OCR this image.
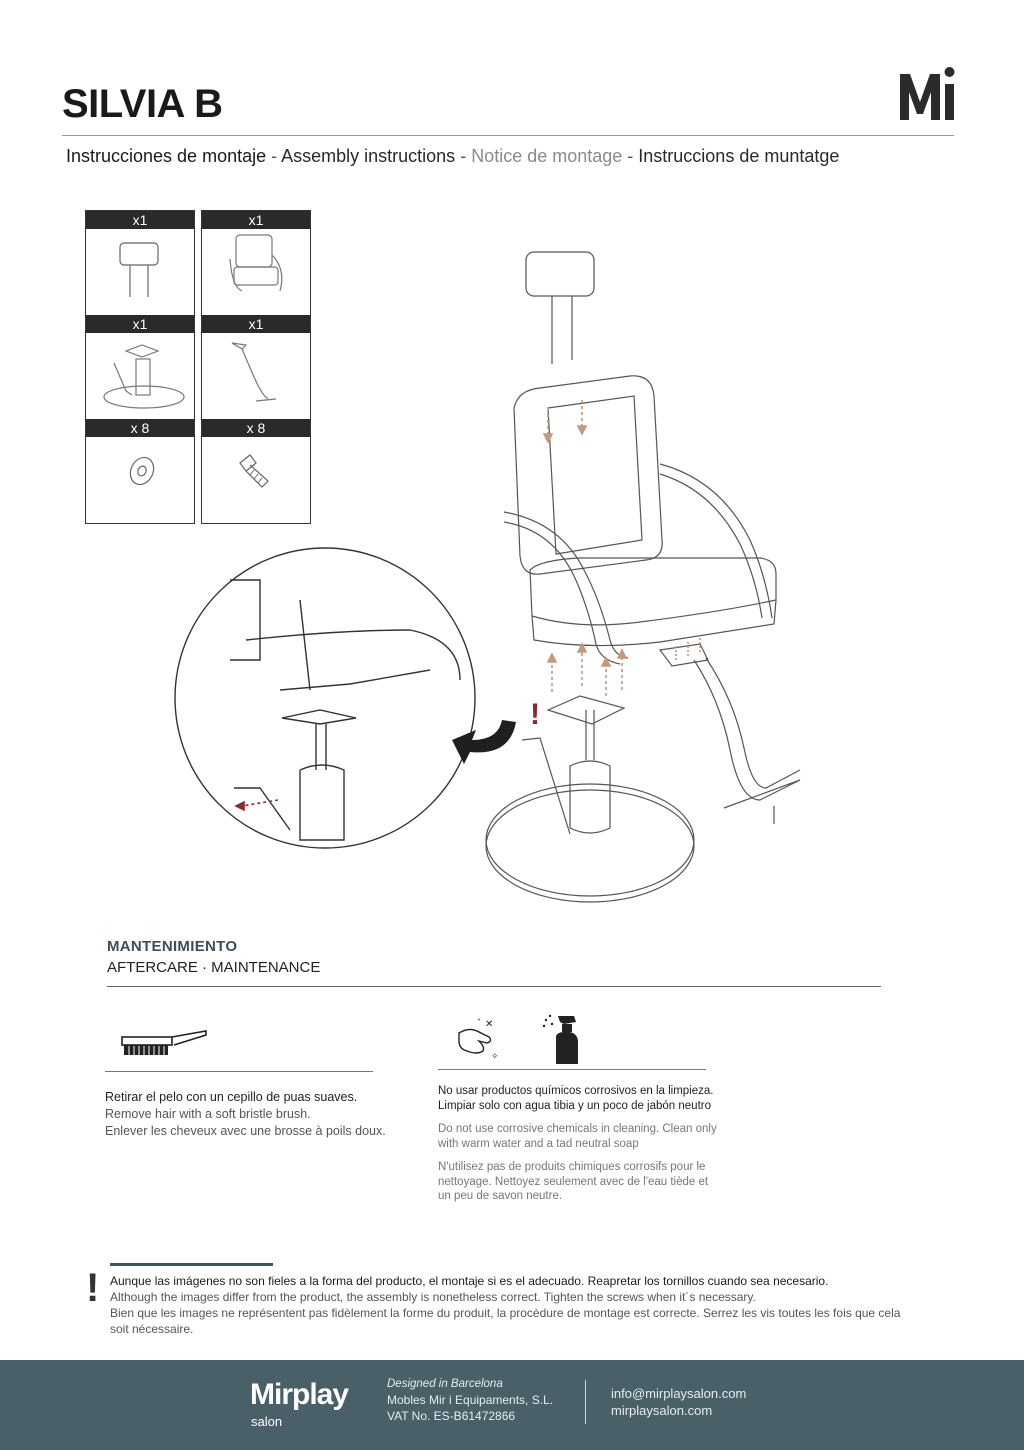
SILVIA B
Instrucciones de montaje - Assembly instructions - Notice de montage - Instruccions de muntatge
x1
x1
x 8
x1
x1
x 8
!
MANTENIMIENTO
AFTERCARE · MAINTENANCE
✕
✧
˅
Retirar el pelo con un cepillo de puas suaves.
Remove hair with a soft bristle brush.
Enlever les cheveux avec une brosse à poils doux.

No usar productos químicos corrosivos en la limpieza. Limpiar solo con agua tibia y un poco de jabón neutro

Do not use corrosive chemicals in cleaning. Clean only with warm water and a tad neutral soap

N'utilisez pas de produits chimiques corrosifs pour le nettoyage. Nettoyez seulement avec de l'eau tiède et un peu de savon neutre.

! Aunque las imágenes no son fieles a la forma del producto, el montaje si es el adecuado. Reapretar los tornillos cuando sea necesario.
Although the images differ from the product, the assembly is nonetheless correct. Tighten the screws when it´s necessary.
Bien que les images ne représentent pas fidèlement la forme du produit, la procèdure de montage est correcte. Serrez les vis toutes les fois que cela soit nécessaire.
Mirplay
salon
Designed in Barcelona
Mobles Mir i Equipaments, S.L.
VAT No. ES-B61472866
info@mirplaysalon.com
mirplaysalon.com
